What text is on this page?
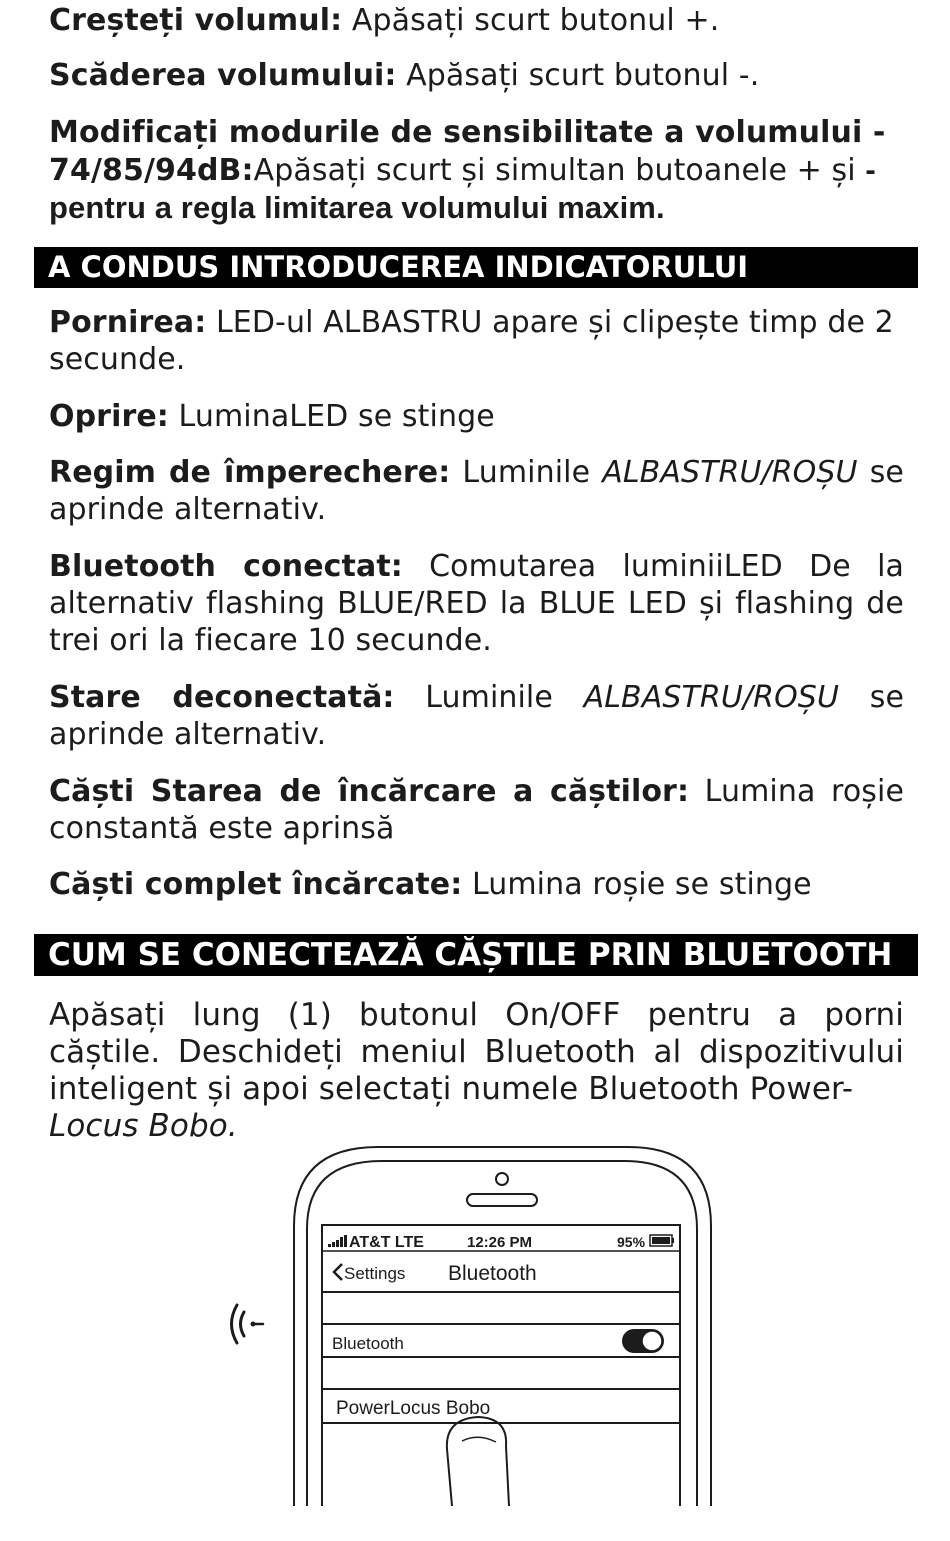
Creșteți volumul: Apăsați scurt butonul +.

Scăderea volumului: Apăsați scurt butonul -.

Modificați modurile de sensibilitate a volumului - 74/85/94dB:Apăsați scurt și simultan butoanele + și - pentru a regla limitarea volumului maxim.

A CONDUS INTRODUCEREA INDICATORULUI

Pornirea: LED-ul ALBASTRU apare și clipește timp de 2 secunde.

Oprire: LuminaLED se stinge

Regim de împerechere: Luminile ALBASTRU/ROȘU se aprinde alternativ.

Bluetooth conectat: Comutarea luminiiLED De la alternativ flashing BLUE/RED la BLUE LED și flashing de trei ori la fiecare 10 secunde.

Stare deconectată: Luminile ALBASTRU/ROȘU se aprinde alternativ.

Căști Starea de încărcare a căștilor: Lumina roșie constantă este aprinsă

Căști complet încărcate: Lumina roșie se stinge

CUM SE CONECTEAZĂ CĂȘTILE PRIN BLUETOOTH

Apăsați lung (1) butonul On/OFF pentru a porni căștile. Deschideți meniul Bluetooth al dispozitivului inteligent și apoi selectați numele Bluetooth Power-
Locus Bobo.

AT&T LTE	12:26 PM	95%
Settings Bluetooth
Bluetooth
PowerLocus Bobo
